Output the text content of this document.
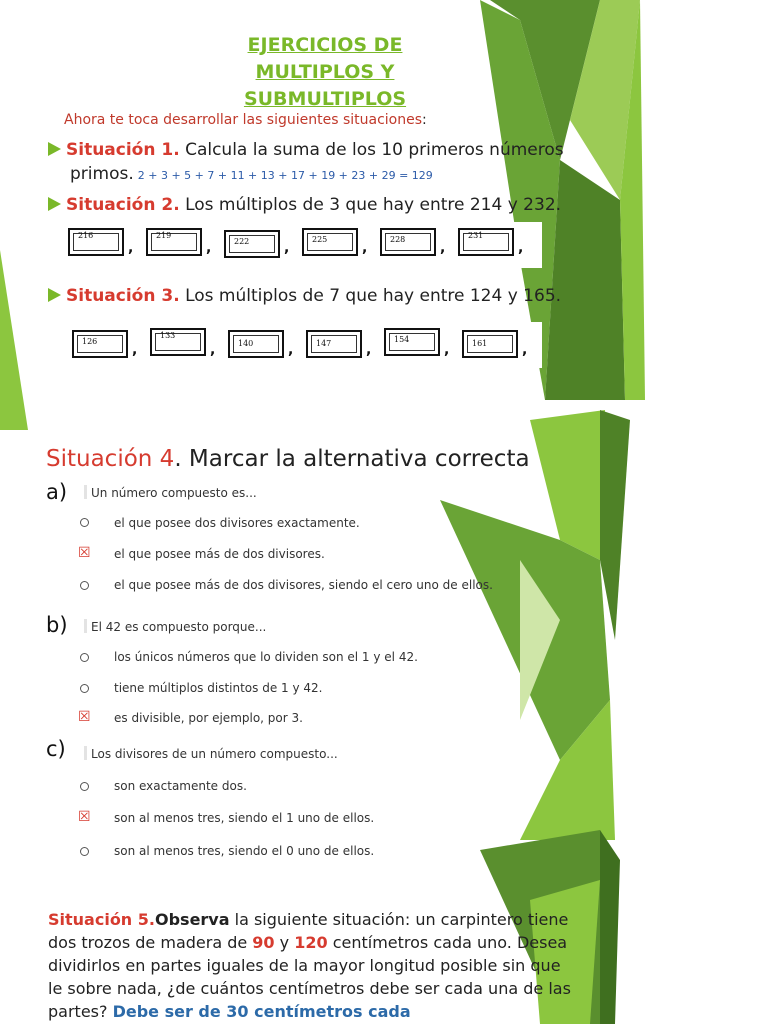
EJERCICIOS DE
MULTIPLOS Y
SUBMULTIPLOS
Ahora te toca desarrollar las siguientes situaciones:
Situación 1. Calcula la suma de los 10 primeros números
primos. 2 + 3 + 5 + 7 + 11 + 13 + 17 + 19 + 23 + 29 = 129
Situación 2. Los múltiplos de 3 que hay entre 214 y 232.
216
,
219
,	222 ,
225
,
228
,
231
,
Situación 3. Los múltiplos de 7 que hay entre 124 y 165.
126
,
133
,	140 ,	147 ,
154
,	161 ,
Situación 4. Marcar la alternativa correcta
a)	Un número compuesto es...
el que posee dos divisores exactamente.
☒ el que posee más de dos divisores.
el que posee más de dos divisores, siendo el cero uno de ellos.
b)	El 42 es compuesto porque...
los únicos números que lo dividen son el 1 y el 42.
tiene múltiplos distintos de 1 y 42.
☒ es divisible, por ejemplo, por 3.
c)	Los divisores de un número compuesto...
son exactamente dos.
☒ son al menos tres, siendo el 1 uno de ellos.
son al menos tres, siendo el 0 uno de ellos.
Situación 5.Observa la siguiente situación: un carpintero tiene dos trozos de madera de 90 y 120 centímetros cada uno. Desea dividirlos en partes iguales de la mayor longitud posible sin que le sobre nada, ¿de cuántos centímetros debe ser cada una de las partes? Debe ser de 30 centímetros cada
